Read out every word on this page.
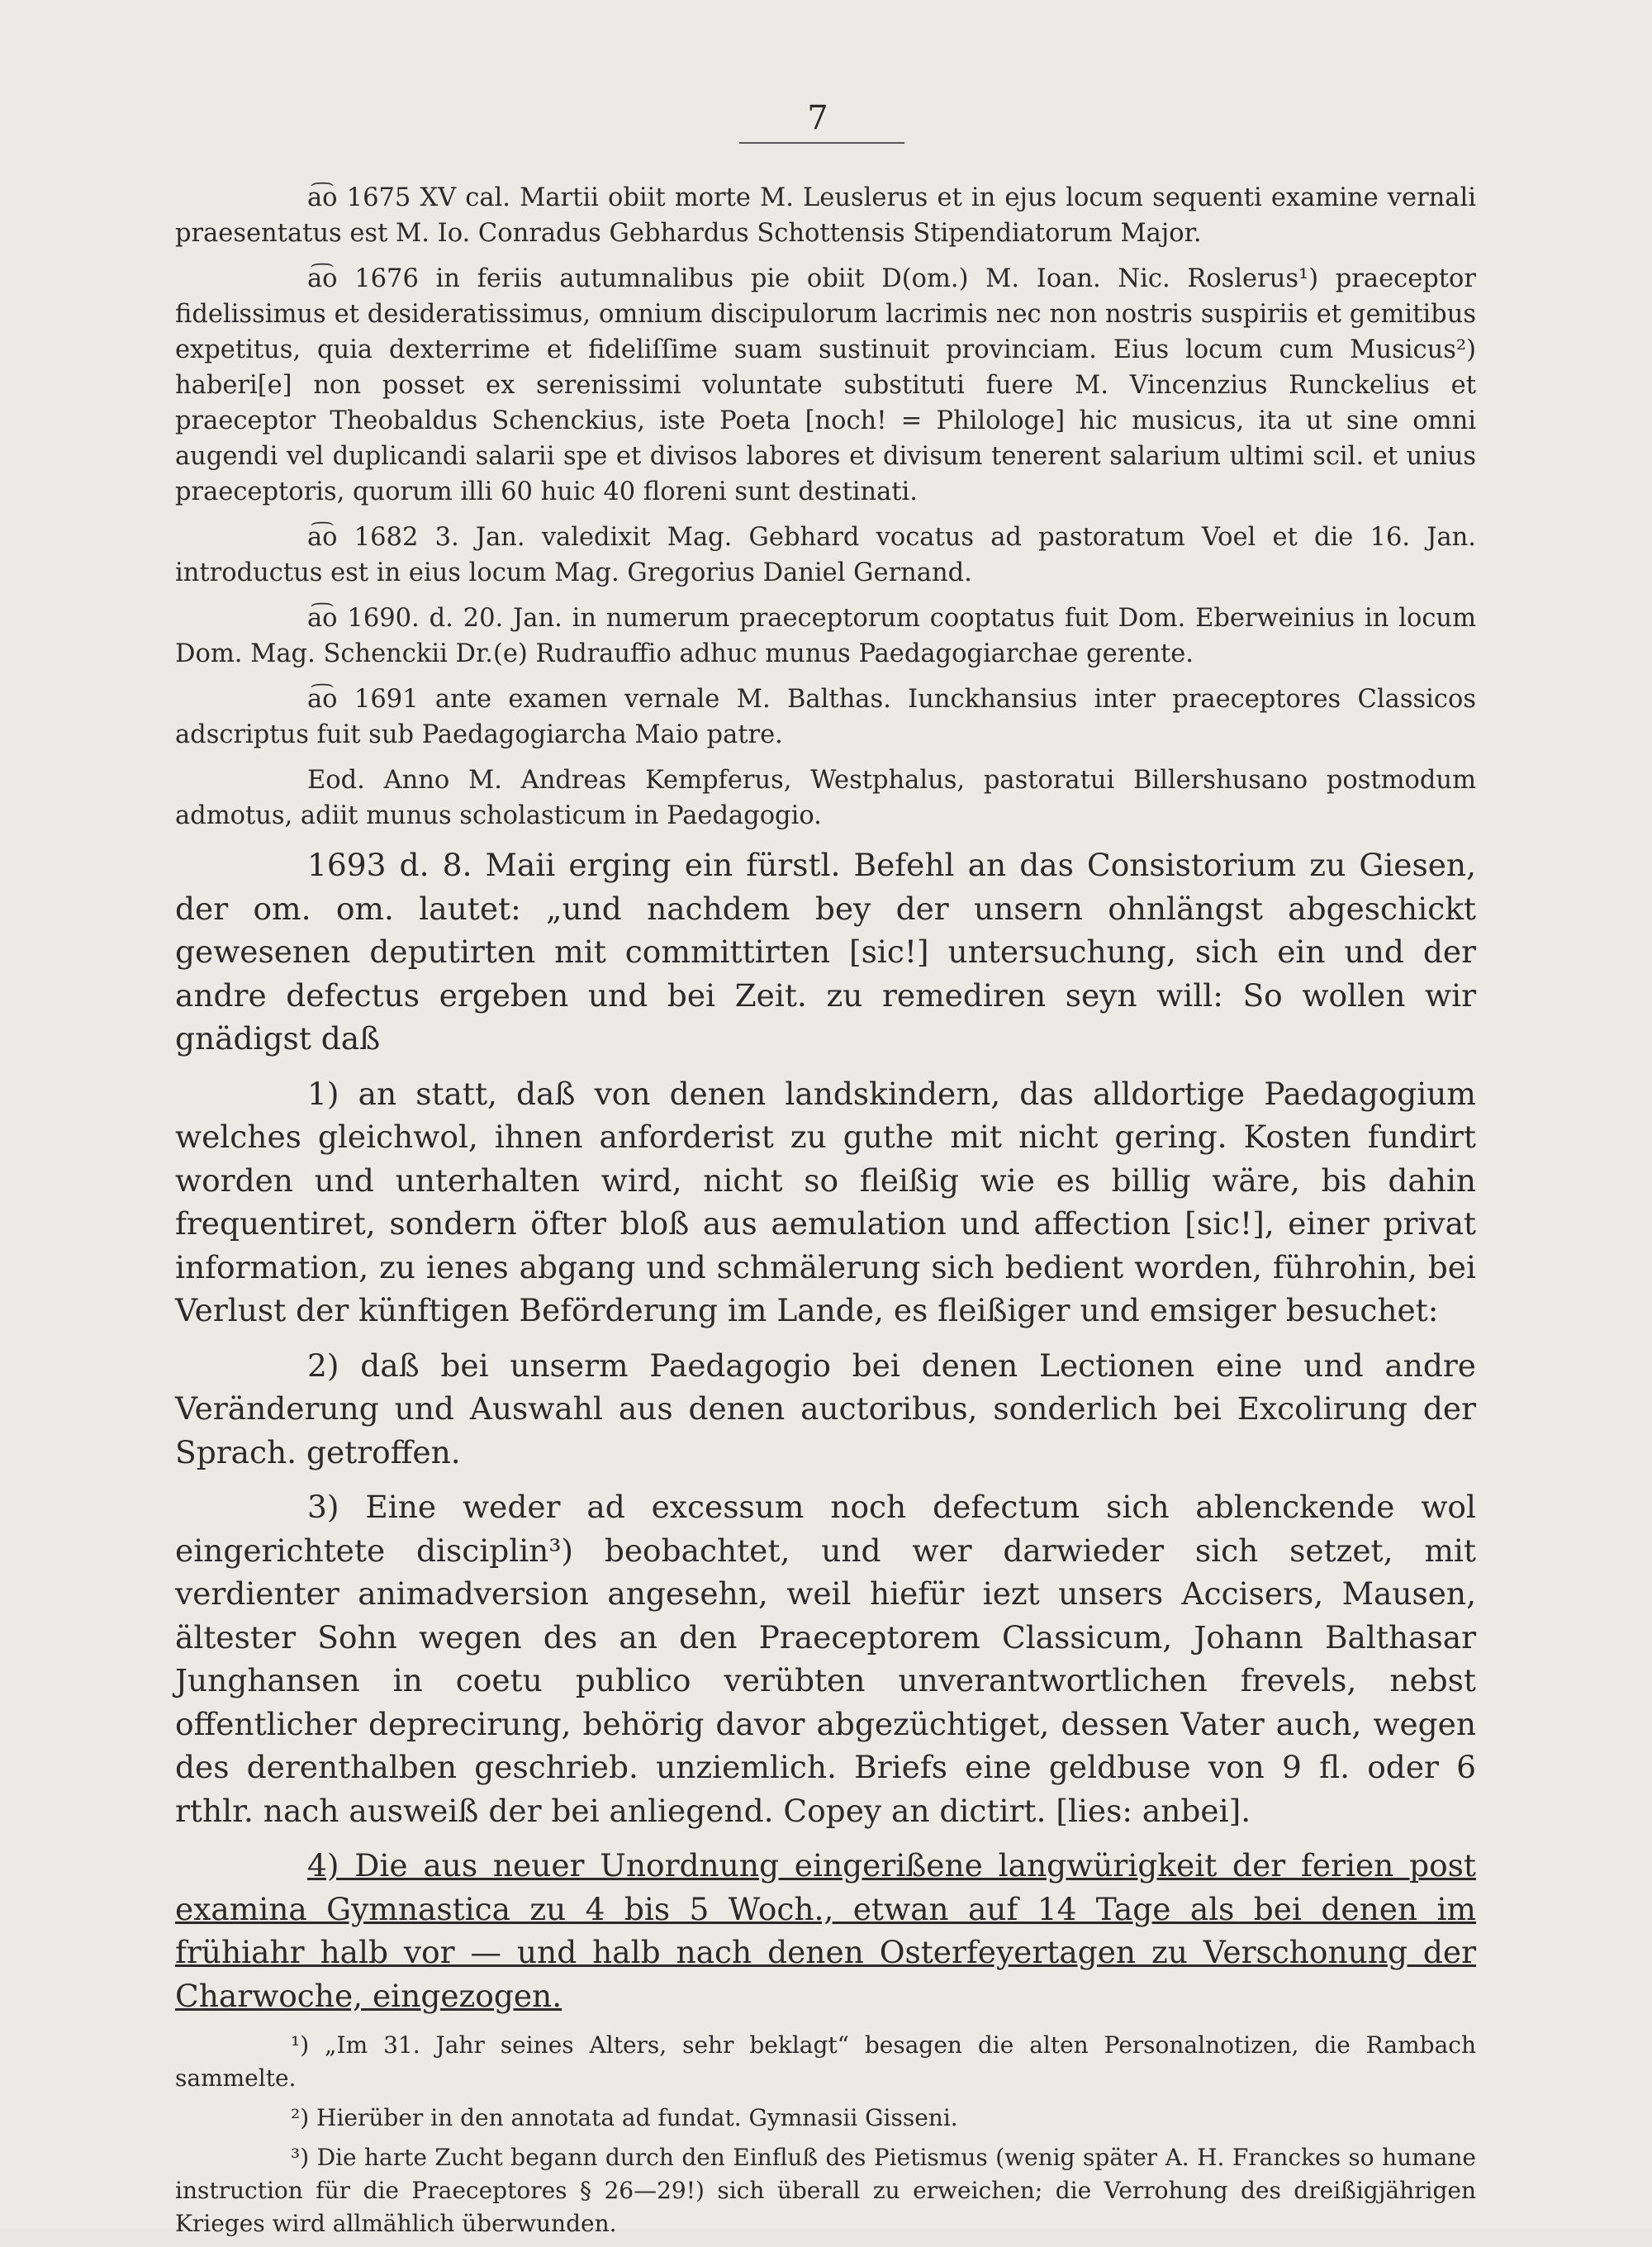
7

a͡o 1675 XV cal. Martii obiit morte M. Leuslerus et in ejus locum sequenti examine vernali praesentatus est M. Io. Conradus Gebhardus Schottensis Stipendiatorum Major.

a͡o 1676 in feriis autumnalibus pie obiit D(om.) M. Ioan. Nic. Roslerus¹) praeceptor fidelissimus et desideratissimus, omnium discipulorum lacrimis nec non nostris suspiriis et gemitibus expetitus, quia dexterrime et fideliſſime suam sustinuit provinciam. Eius locum cum Musicus²) haberi[e] non posset ex serenissimi voluntate substituti fuere M. Vincenzius Runckelius et praeceptor Theobaldus Schenckius, iste Poeta [noch! = Philologe] hic musicus, ita ut sine omni augendi vel duplicandi salarii spe et divisos labores et divisum tenerent salarium ultimi scil. et unius praeceptoris, quorum illi 60 huic 40 floreni sunt destinati.

a͡o 1682 3. Jan. valedixit Mag. Gebhard vocatus ad pastoratum Voel et die 16. Jan. introductus est in eius locum Mag. Gregorius Daniel Gernand.

a͡o 1690. d. 20. Jan. in numerum praeceptorum cooptatus fuit Dom. Eberweinius in locum Dom. Mag. Schenckii Dr.(e) Rudrauffio adhuc munus Paedagogiarchae gerente.

a͡o 1691 ante examen vernale M. Balthas. Iunckhansius inter praeceptores Classicos adscriptus fuit sub Paedagogiarcha Maio patre.

Eod. Anno M. Andreas Kempferus, Westphalus, pastoratui Billershusano postmodum admotus, adiit munus scholasticum in Paedagogio.

1693 d. 8. Maii erging ein fürstl. Befehl an das Consistorium zu Giesen, der om. om. lautet: „und nachdem bey der unsern ohnlängst abgeschickt gewesenen deputirten mit committirten [sic!] untersuchung, sich ein und der andre defectus ergeben und bei Zeit. zu remediren seyn will: So wollen wir gnädigst daß

1) an statt, daß von denen landskindern, das alldortige Paedagogium welches gleichwol, ihnen anforderist zu guthe mit nicht gering. Kosten fundirt worden und unterhalten wird, nicht so fleißig wie es billig wäre, bis dahin frequentiret, sondern öfter bloß aus aemulation und affection [sic!], einer privat information, zu ienes abgang und schmälerung sich bedient worden, führohin, bei Verlust der künftigen Beförderung im Lande, es fleißiger und emsiger besuchet:

2) daß bei unserm Paedagogio bei denen Lectionen eine und andre Veränderung und Auswahl aus denen auctoribus, sonderlich bei Excolirung der Sprach. getroffen.

3) Eine weder ad excessum noch defectum sich ablenckende wol eingerichtete disciplin³) beobachtet, und wer darwieder sich setzet, mit verdienter animadversion angesehn, weil hiefür iezt unsers Accisers, Mausen, ältester Sohn wegen des an den Praeceptorem Classicum, Johann Balthasar Junghansen in coetu publico verübten unverantwortlichen frevels, nebst offentlicher deprecirung, behörig davor abgezüchtiget, dessen Vater auch, wegen des derenthalben geschrieb. unziemlich. Briefs eine geldbuse von 9 fl. oder 6 rthlr. nach ausweiß der bei anliegend. Copey an dictirt. [lies: anbei].

4) Die aus neuer Unordnung eingerißene langwürigkeit der ferien post examina Gymnastica zu 4 bis 5 Woch., etwan auf 14 Tage als bei denen im frühiahr halb vor — und halb nach denen Osterfeyertagen zu Verschonung der Charwoche, eingezogen.

¹) „Im 31. Jahr seines Alters, sehr beklagt“ besagen die alten Personalnotizen, die Rambach sammelte.

²) Hierüber in den annotata ad fundat. Gymnasii Gisseni.

³) Die harte Zucht begann durch den Einfluß des Pietismus (wenig später A. H. Franckes so humane instruction für die Praeceptores § 26—29!) sich überall zu erweichen; die Verrohung des dreißigjährigen Krieges wird allmählich überwunden.
